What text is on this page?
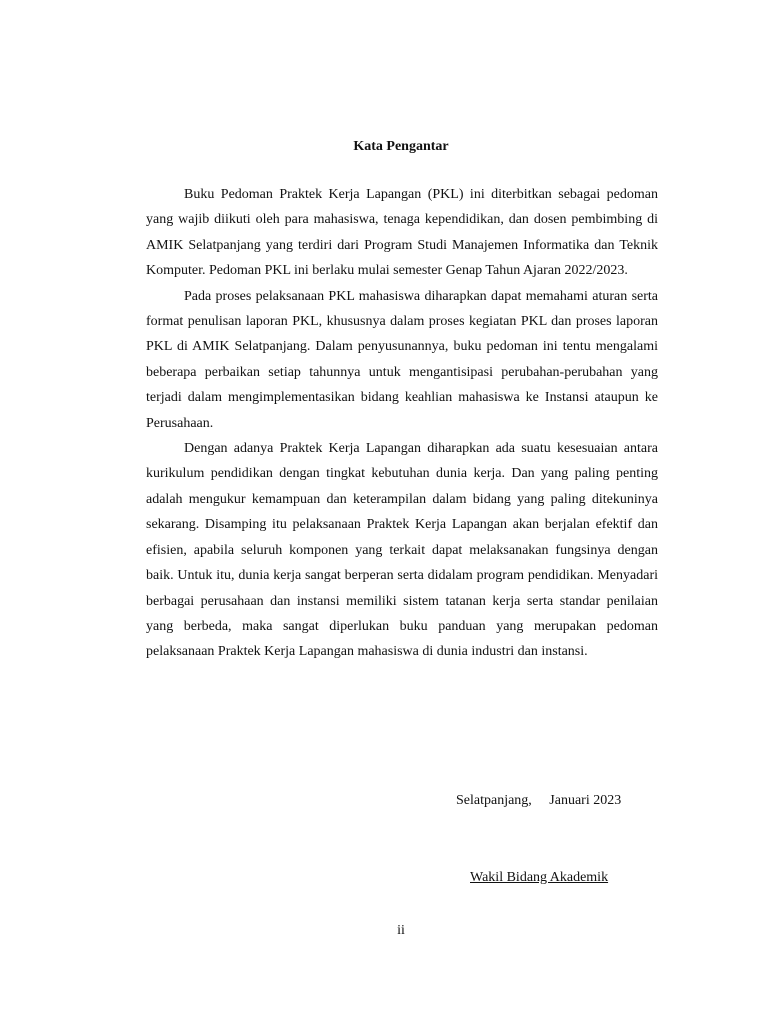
Kata Pengantar

Buku Pedoman Praktek Kerja Lapangan (PKL) ini diterbitkan sebagai pedoman yang wajib diikuti oleh para mahasiswa, tenaga kependidikan, dan dosen pembimbing di AMIK Selatpanjang yang terdiri dari Program Studi Manajemen Informatika dan Teknik Komputer. Pedoman PKL ini berlaku mulai semester Genap Tahun Ajaran 2022/2023.

Pada proses pelaksanaan PKL mahasiswa diharapkan dapat memahami aturan serta format penulisan laporan PKL, khususnya dalam proses kegiatan PKL dan proses laporan PKL di AMIK Selatpanjang. Dalam penyusunannya, buku pedoman ini tentu mengalami beberapa perbaikan setiap tahunnya untuk mengantisipasi perubahan-perubahan yang terjadi dalam mengimplementasikan bidang keahlian mahasiswa ke Instansi ataupun ke Perusahaan.

Dengan adanya Praktek Kerja Lapangan diharapkan ada suatu kesesuaian antara kurikulum pendidikan dengan tingkat kebutuhan dunia kerja. Dan yang paling penting adalah mengukur kemampuan dan keterampilan dalam bidang yang paling ditekuninya sekarang. Disamping itu pelaksanaan Praktek Kerja Lapangan akan berjalan efektif dan efisien, apabila seluruh komponen yang terkait dapat melaksanakan fungsinya dengan baik. Untuk itu, dunia kerja sangat berperan serta didalam program pendidikan. Menyadari berbagai perusahaan dan instansi memiliki sistem tatanan kerja serta standar penilaian yang berbeda, maka sangat diperlukan buku panduan yang merupakan pedoman pelaksanaan Praktek Kerja Lapangan mahasiswa di dunia industri dan instansi.

Selatpanjang,     Januari 2023
Wakil Bidang Akademik
ii
